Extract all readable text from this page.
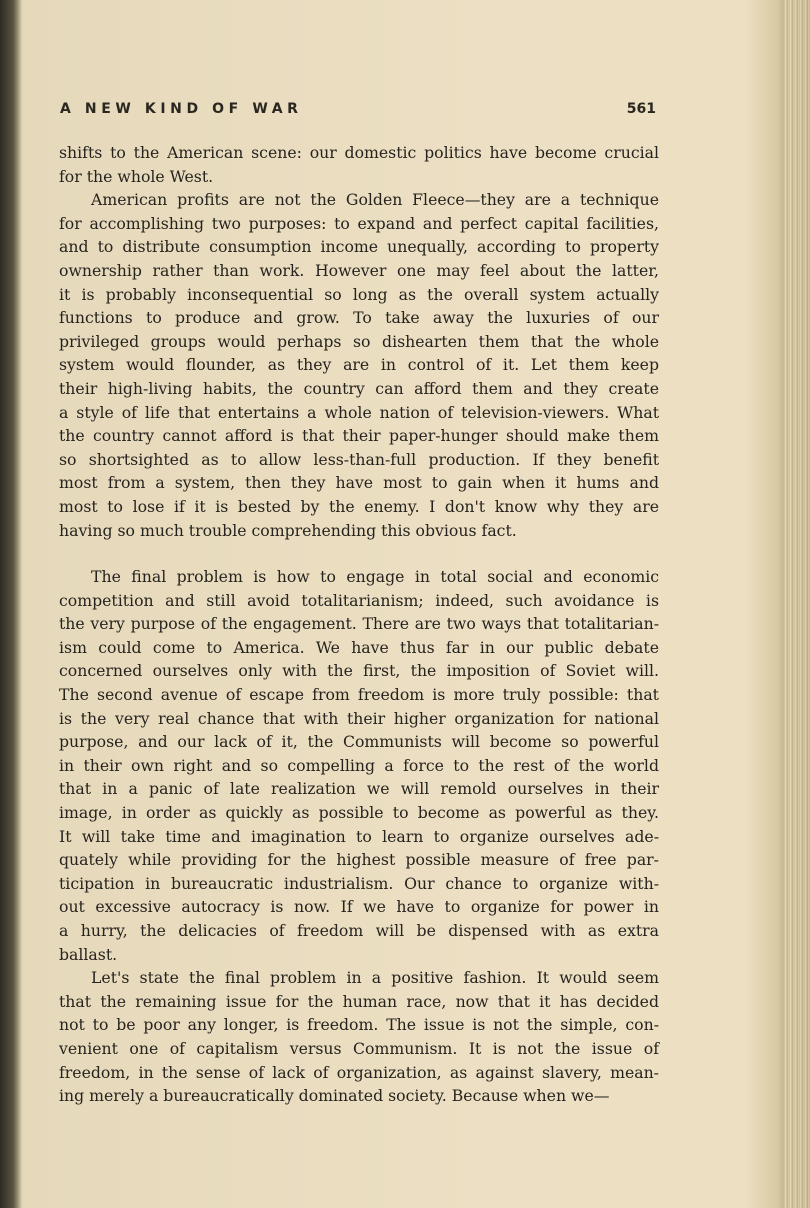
A NEW KIND OF WAR	561
shifts to the American scene: our domestic politics have become crucial
for the whole West.
American profits are not the Golden Fleece—they are a technique
for accomplishing two purposes: to expand and perfect capital facilities,
and to distribute consumption income unequally, according to property
ownership rather than work. However one may feel about the latter,
it is probably inconsequential so long as the overall system actually
functions to produce and grow. To take away the luxuries of our
privileged groups would perhaps so dishearten them that the whole
system would flounder, as they are in control of it. Let them keep
their high-living habits, the country can afford them and they create
a style of life that entertains a whole nation of television-viewers. What
the country cannot afford is that their paper-hunger should make them
so shortsighted as to allow less-than-full production. If they benefit
most from a system, then they have most to gain when it hums and
most to lose if it is bested by the enemy. I don't know why they are
having so much trouble comprehending this obvious fact.
The final problem is how to engage in total social and economic
competition and still avoid totalitarianism; indeed, such avoidance is
the very purpose of the engagement. There are two ways that totalitarian-
ism could come to America. We have thus far in our public debate
concerned ourselves only with the first, the imposition of Soviet will.
The second avenue of escape from freedom is more truly possible: that
is the very real chance that with their higher organization for national
purpose, and our lack of it, the Communists will become so powerful
in their own right and so compelling a force to the rest of the world
that in a panic of late realization we will remold ourselves in their
image, in order as quickly as possible to become as powerful as they.
It will take time and imagination to learn to organize ourselves ade-
quately while providing for the highest possible measure of free par-
ticipation in bureaucratic industrialism. Our chance to organize with-
out excessive autocracy is now. If we have to organize for power in
a hurry, the delicacies of freedom will be dispensed with as extra
ballast.
Let's state the final problem in a positive fashion. It would seem
that the remaining issue for the human race, now that it has decided
not to be poor any longer, is freedom. The issue is not the simple, con-
venient one of capitalism versus Communism. It is not the issue of
freedom, in the sense of lack of organization, as against slavery, mean-
ing merely a bureaucratically dominated society. Because when we—
